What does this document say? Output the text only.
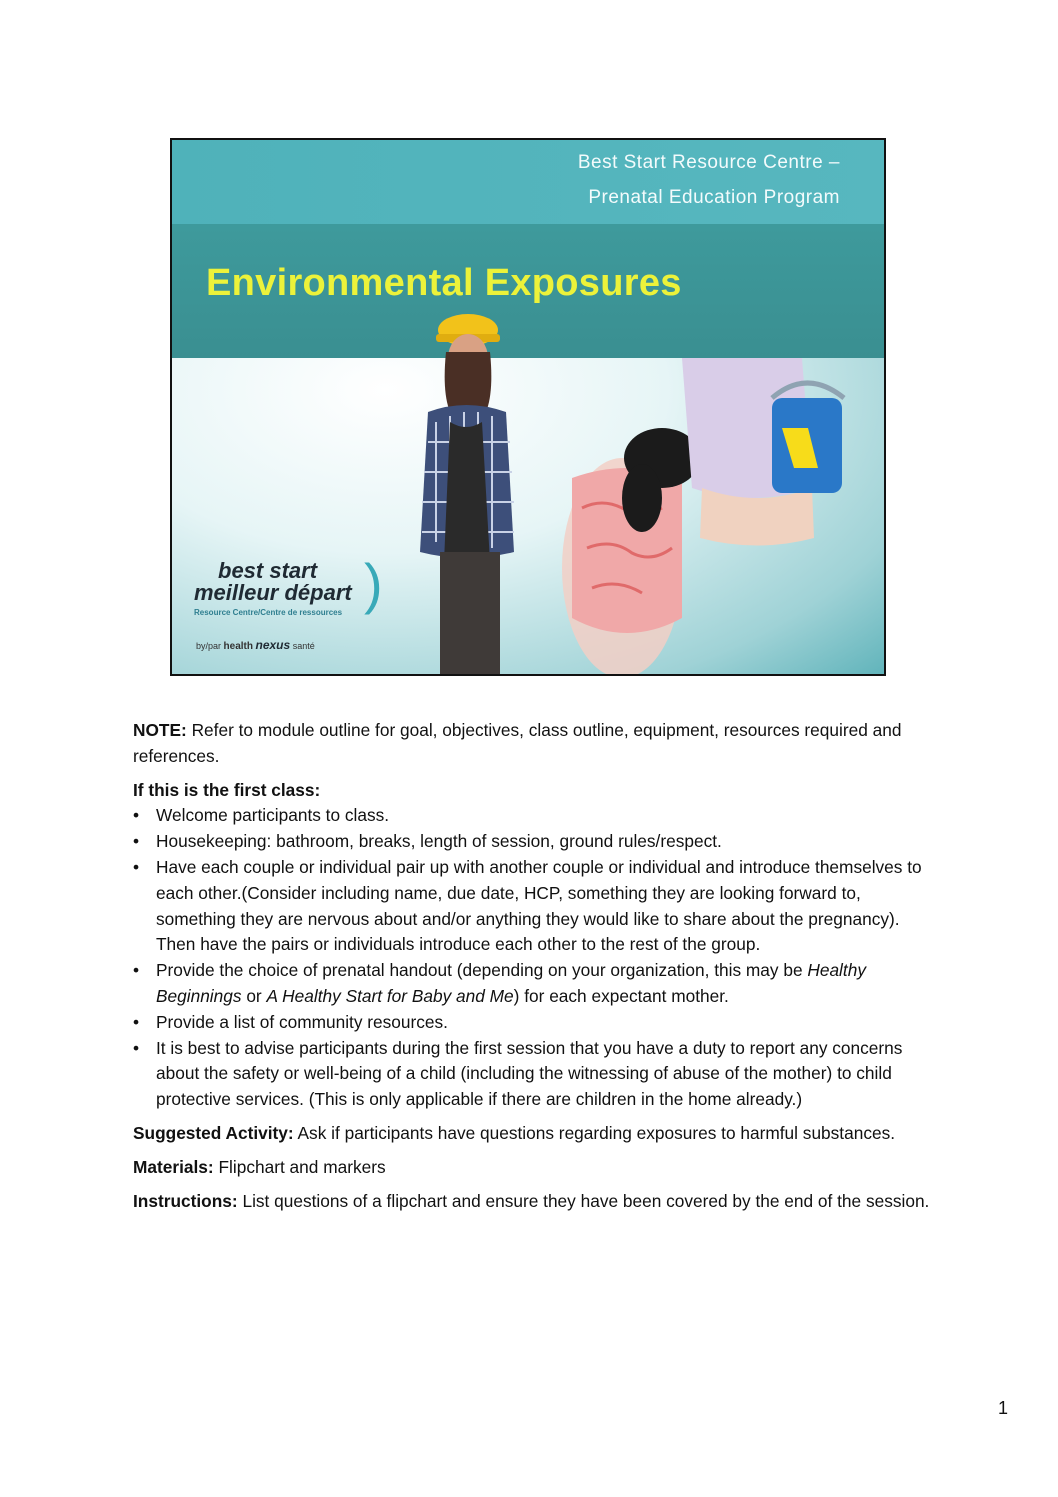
Best Start Resource Centre –
Prenatal Education Program
best start
meilleur départ
Resource Centre/Centre de ressources )
by/par health nexus santé
Environmental Exposures

NOTE: Refer to module outline for goal, objectives, class outline, equipment, resources required and references.

If this is the first class:

• Welcome participants to class.
• Housekeeping: bathroom, breaks, length of session, ground rules/respect.
• Have each couple or individual pair up with another couple or individual and introduce themselves to each other.(Consider including name, due date, HCP, something they are looking forward to, something they are nervous about and/or anything they would like to share about the pregnancy). Then have the pairs or individuals introduce each other to the rest of the group.
• Provide the choice of prenatal handout (depending on your organization, this may be Healthy Beginnings or A Healthy Start for Baby and Me) for each expectant mother.
• Provide a list of community resources.
• It is best to advise participants during the first session that you have a duty to report any concerns about the safety or well-being of a child (including the witnessing of abuse of the mother) to child protective services. (This is only applicable if there are children in the home already.)

Suggested Activity: Ask if participants have questions regarding exposures to harmful substances.

Materials: Flipchart and markers

Instructions: List questions of a flipchart and ensure they have been covered by the end of the session.

1
